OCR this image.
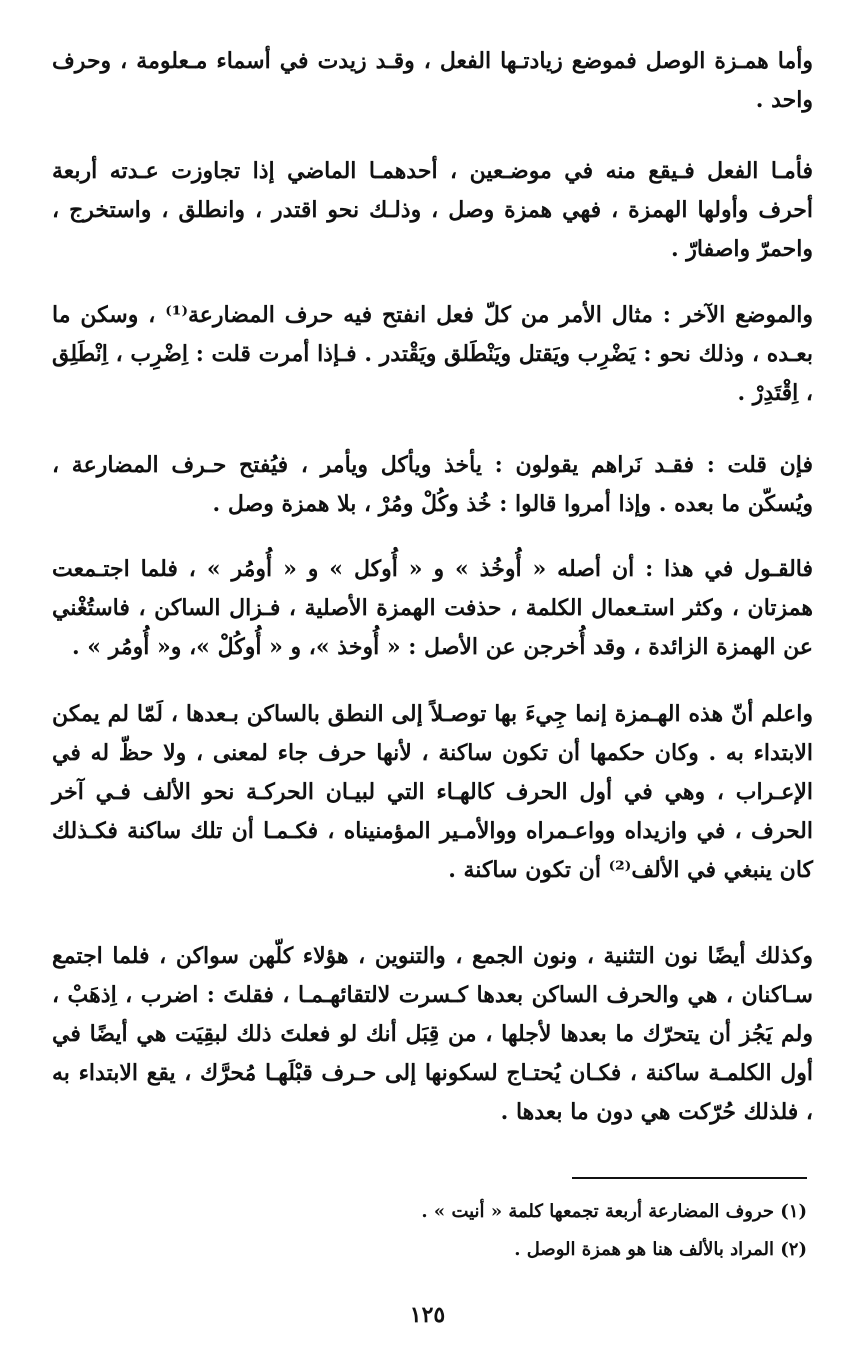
وأما همـزة الوصل فموضع زيادتـها الفعل ، وقـد زيدت في أسماء مـعلومة ، وحرف واحد .

فأمـا الفعل فـيقع منه في موضـعين ، أحدهمـا الماضي إذا تجاوزت عـدته أربعة أحرف وأولها الهمزة ، فهي همزة وصل ، وذلـك نحو اقتدر ، وانطلق ، واستخرج ، واحمرّ واصفارّ .

والموضع الآخر : مثال الأمر من كلّ فعل انفتح فيه حرف المضارعة⁽¹⁾ ، وسكن ما بعـده ، وذلك نحو : يَضْرِب ويَقتل ويَنْطَلق ويَقْتدر . فـإذا أمرت قلت : اِضْرِب ، اِنْطَلِق ، اِقْتَدِرْ .

فإن قلت : فقـد نَراهم يقولون : يأخذ ويأكل ويأمر ، فيُفتح حـرف المضارعة ، ويُسكّن ما بعده . وإذا أمروا قالوا : خُذ وكُلْ ومُرْ ، بلا همزة وصل .

فالقـول في هذا : أن أصله « أُوخُذ » و « أُوكل » و « أُومُر » ، فلما اجتـمعت همزتان ، وكثر استـعمال الكلمة ، حذفت الهمزة الأصلية ، فـزال الساكن ، فاستُغْني عن الهمزة الزائدة ، وقد أُخرجن عن الأصل : « أُوخذ »، و « أُوكُلْ »، و« أُومُر » .

واعلم أنّ هذه الهـمزة إنما جِيءَ بها توصـلاً إلى النطق بالساكن بـعدها ، لَمّا لم يمكن الابتداء به . وكان حكمها أن تكون ساكنة ، لأنها حرف جاء لمعنى ، ولا حظّ له في الإعـراب ، وهي في أول الحرف كالهـاء التي لبيـان الحركـة نحو الألف فـي آخر الحرف ، في وازيداه وواعـمراه ووالأمـير المؤمنيناه ، فكـمـا أن تلك ساكنة فكـذلك كان ينبغي في الألف⁽²⁾ أن تكون ساكنة .

وكذلك أيضًا نون التثنية ، ونون الجمع ، والتنوين ، هؤلاء كلّهن سواكن ، فلما اجتمع سـاكنان ، هي والحرف الساكن بعدها كـسرت لالتقائهـمـا ، فقلتَ : اضرب ، اِذهَبْ ، ولم يَجُز أن يتحرّك ما بعدها لأجلها ، من قِبَل أنك لو فعلتَ ذلك لبقِيَت هي أيضًا في أول الكلمـة ساكنة ، فكـان يُحتـاج لسكونها إلى حـرف قبْلَهـا مُحرَّك ، يقع الابتداء به ، فلذلك حُرّكت هي دون ما بعدها .

(١) حروف المضارعة أربعة تجمعها كلمة « أنيت » .

(٢) المراد بالألف هنا هو همزة الوصل .

١٢٥
